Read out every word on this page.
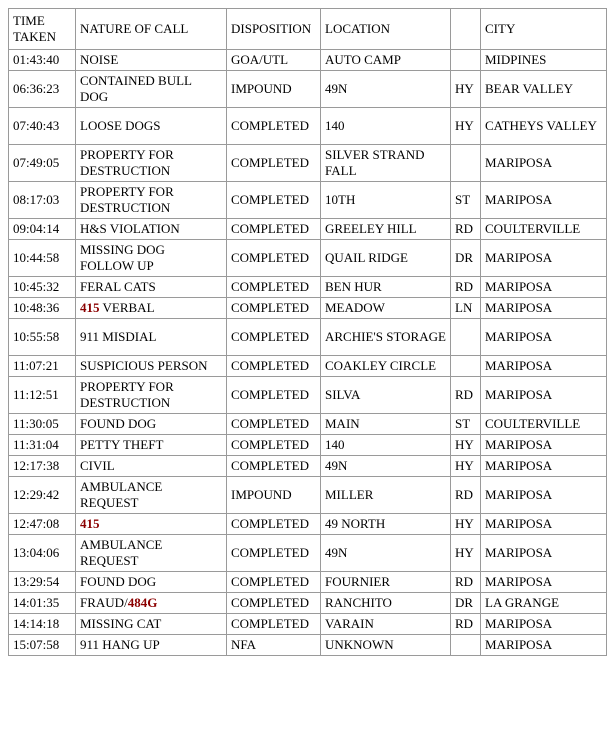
TIME TAKEN	NATURE OF CALL	DISPOSITION	LOCATION		CITY
01:43:40	NOISE	GOA/UTL	AUTO CAMP		MIDPINES
06:36:23	CONTAINED BULL DOG	IMPOUND	49N	HY	BEAR VALLEY
07:40:43	LOOSE DOGS	COMPLETED	140	HY	CATHEYS VALLEY
07:49:05	PROPERTY FOR DESTRUCTION	COMPLETED	SILVER STRAND FALL		MARIPOSA
08:17:03	PROPERTY FOR DESTRUCTION	COMPLETED	10TH	ST	MARIPOSA
09:04:14	H&S VIOLATION	COMPLETED	GREELEY HILL	RD	COULTERVILLE
10:44:58	MISSING DOG FOLLOW UP	COMPLETED	QUAIL RIDGE	DR	MARIPOSA
10:45:32	FERAL CATS	COMPLETED	BEN HUR	RD	MARIPOSA
10:48:36	415 VERBAL	COMPLETED	MEADOW	LN	MARIPOSA
10:55:58	911 MISDIAL	COMPLETED	ARCHIE'S STORAGE		MARIPOSA
11:07:21	SUSPICIOUS PERSON	COMPLETED	COAKLEY CIRCLE		MARIPOSA
11:12:51	PROPERTY FOR DESTRUCTION	COMPLETED	SILVA	RD	MARIPOSA
11:30:05	FOUND DOG	COMPLETED	MAIN	ST	COULTERVILLE
11:31:04	PETTY THEFT	COMPLETED	140	HY	MARIPOSA
12:17:38	CIVIL	COMPLETED	49N	HY	MARIPOSA
12:29:42	AMBULANCE REQUEST	IMPOUND	MILLER	RD	MARIPOSA
12:47:08	415	COMPLETED	49 NORTH	HY	MARIPOSA
13:04:06	AMBULANCE REQUEST	COMPLETED	49N	HY	MARIPOSA
13:29:54	FOUND DOG	COMPLETED	FOURNIER	RD	MARIPOSA
14:01:35	FRAUD/484G	COMPLETED	RANCHITO	DR	LA GRANGE
14:14:18	MISSING CAT	COMPLETED	VARAIN	RD	MARIPOSA
15:07:58	911 HANG UP	NFA	UNKNOWN		MARIPOSA
